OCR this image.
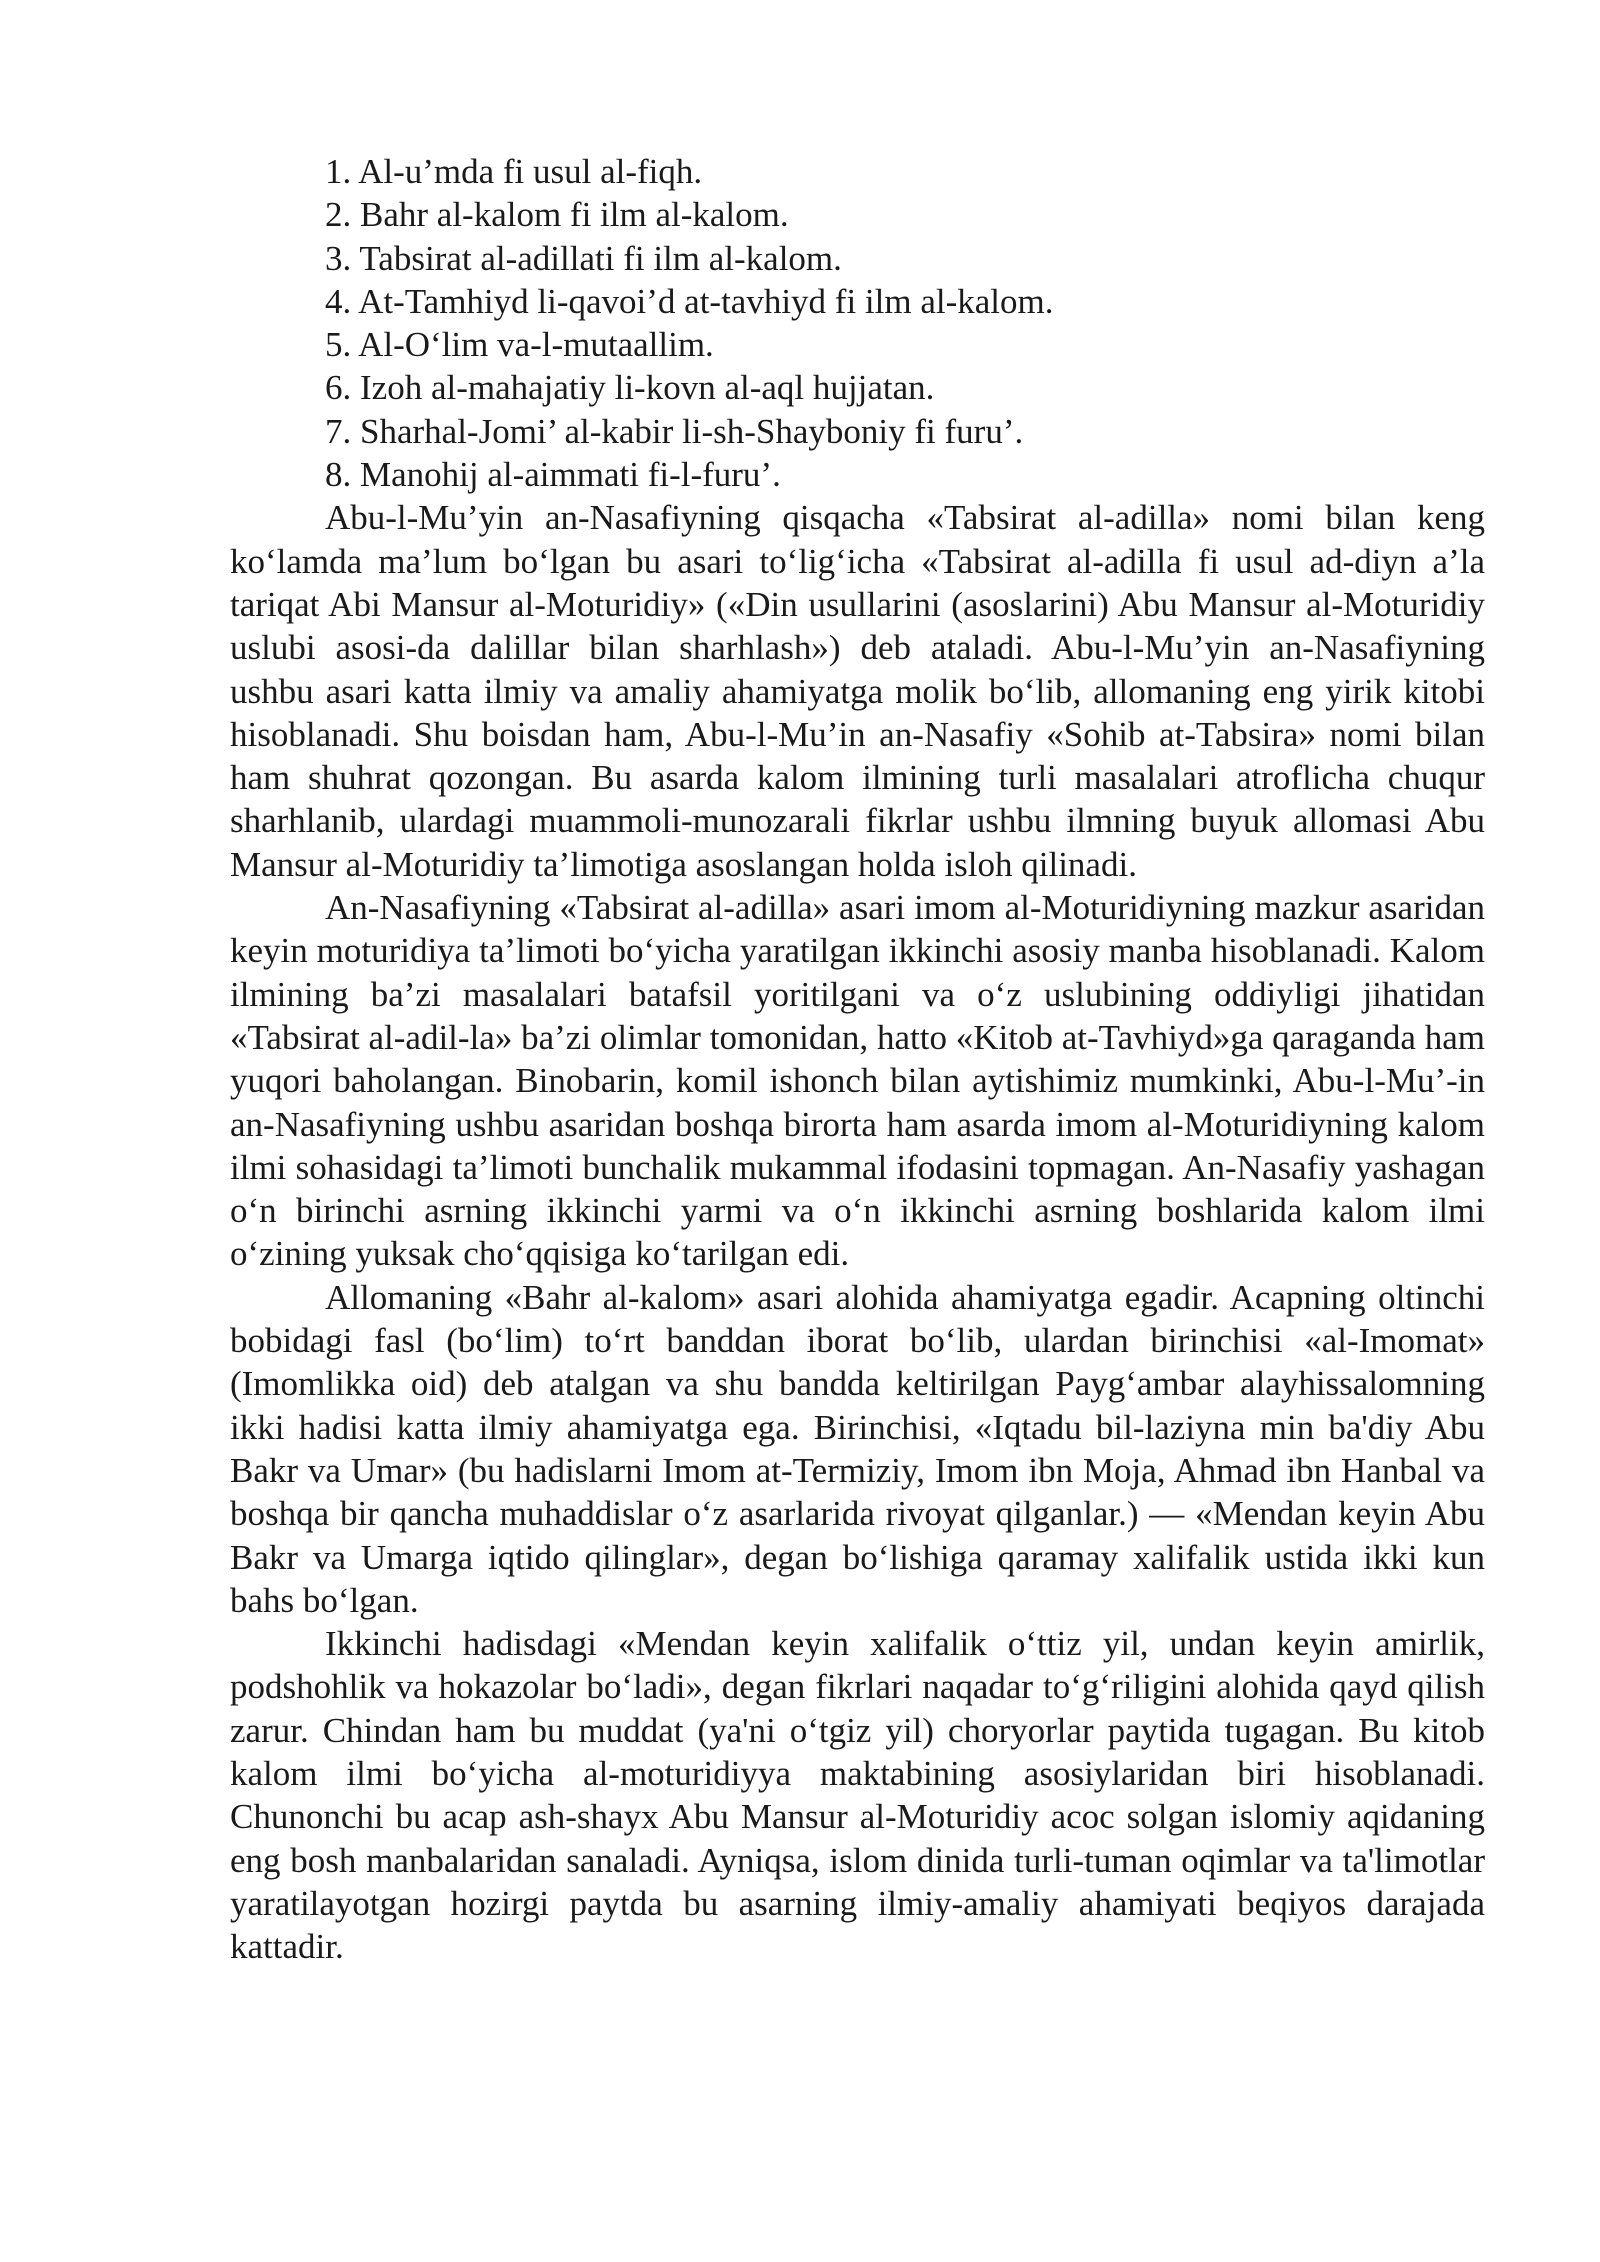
1. Al-u’mda fi usul al-fiqh.
2. Bahr al-kalom fi ilm al-kalom.
3. Tabsirat al-adillati fi ilm al-kalom.
4. At-Tamhiyd li-qavoi’d at-tavhiyd fi ilm al-kalom.
5. Al-O‘lim va-l-mutaallim.
6. Izoh al-mahajatiy li-kovn al-aql hujjatan.
7. Sharhal-Jomi’ al-kabir li-sh-Shayboniy fi furu’.
8. Manohij al-aimmati fi-l-furu’.

Abu-l-Mu’yin an-Nasafiyning qisqacha «Tabsirat al-adilla» nomi bilan keng ko‘lamda ma’lum bo‘lgan bu asari to‘lig‘icha «Tabsirat al-adilla fi usul ad-diyn a’la tariqat Abi Mansur al-Moturidiy» («Din usullarini (asoslarini) Abu Mansur al-Moturidiy uslubi asosi-da dalillar bilan sharhlash») deb ataladi. Abu-l-Mu’yin an-Nasafiyning ushbu asari katta ilmiy va amaliy ahamiyatga molik bo‘lib, allomaning eng yirik kitobi hisoblanadi. Shu boisdan ham, Abu-l-Mu’in an-Nasafiy «Sohib at-Tabsira» nomi bilan ham shuhrat qozongan. Bu asarda kalom ilmining turli masalalari atroflicha chuqur sharhlanib, ulardagi muammoli-munozarali fikrlar ushbu ilmning buyuk allomasi Abu Mansur al-Moturidiy ta’limotiga asoslangan holda isloh qilinadi.

An-Nasafiyning «Tabsirat al-adilla» asari imom al-Moturidiyning mazkur asaridan keyin moturidiya ta’limoti bo‘yicha yaratilgan ikkinchi asosiy manba hisoblanadi. Kalom ilmining ba’zi masalalari batafsil yoritilgani va o‘z uslubining oddiyligi jihatidan «Tabsirat al-adil-la» ba’zi olimlar tomonidan, hatto «Kitob at-Tavhiyd»ga qaraganda ham yuqori baholangan. Binobarin, komil ishonch bilan aytishimiz mumkinki, Abu-l-Mu’-in an-Nasafiyning ushbu asaridan boshqa birorta ham asarda imom al-Moturidiyning kalom ilmi sohasidagi ta’limoti bunchalik mukammal ifodasini topmagan. An-Nasafiy yashagan o‘n birinchi asrning ikkinchi yarmi va o‘n ikkinchi asrning boshlarida kalom ilmi o‘zining yuksak cho‘qqisiga ko‘tarilgan edi.

Allomaning «Bahr al-kalom» asari alohida ahamiyatga egadir. Acapning oltinchi bobidagi fasl (bo‘lim) to‘rt banddan iborat bo‘lib, ulardan birinchisi «al-Imomat» (Imomlikka oid) deb atalgan va shu bandda keltirilgan Payg‘ambar alayhissalomning ikki hadisi katta ilmiy ahamiyatga ega. Birinchisi, «Iqtadu bil-laziyna min ba'diy Abu Bakr va Umar» (bu hadislarni Imom at-Termiziy, Imom ibn Moja, Ahmad ibn Hanbal va boshqa bir qancha muhaddislar o‘z asarlarida rivoyat qilganlar.) — «Mendan keyin Abu Bakr va Umarga iqtido qilinglar», degan bo‘lishiga qaramay xalifalik ustida ikki kun bahs bo‘lgan.

Ikkinchi hadisdagi «Mendan keyin xalifalik o‘ttiz yil, undan keyin amirlik, podshohlik va hokazolar bo‘ladi», degan fikrlari naqadar to‘g‘riligini alohida qayd qilish zarur. Chindan ham bu muddat (ya'ni o‘tgiz yil) choryorlar paytida tugagan. Bu kitob kalom ilmi bo‘yicha al-moturidiyya maktabining asosiylaridan biri hisoblanadi. Chunonchi bu acap ash-shayx Abu Mansur al-Moturidiy acoc solgan islomiy aqidaning eng bosh manbalaridan sanaladi. Ayniqsa, islom dinida turli-tuman oqimlar va ta'limotlar yaratilayotgan hozirgi paytda bu asarning ilmiy-amaliy ahamiyati beqiyos darajada kattadir.
